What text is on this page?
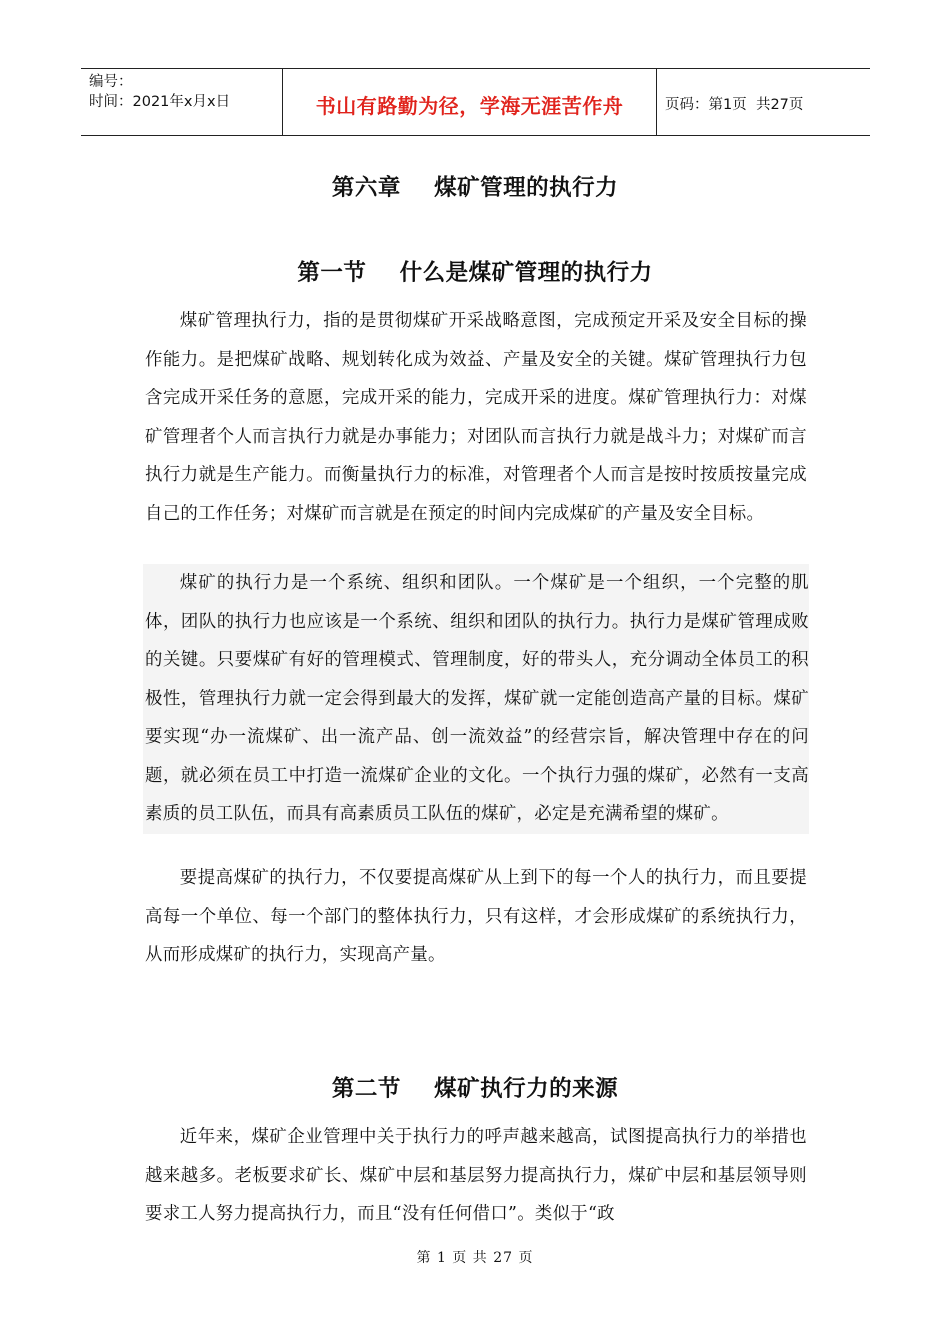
编号：
时间：2021年x月x日	书山有路勤为径，学海无涯苦作舟	页码：第1页  共27页
第六章    煤矿管理的执行力
第一节    什么是煤矿管理的执行力

煤矿管理执行力，指的是贯彻煤矿开采战略意图，完成预定开采及安全目标的操作能力。是把煤矿战略、规划转化成为效益、产量及安全的关键。煤矿管理执行力包含完成开采任务的意愿，完成开采的能力，完成开采的进度。煤矿管理执行力：对煤矿管理者个人而言执行力就是办事能力；对团队而言执行力就是战斗力；对煤矿而言执行力就是生产能力。而衡量执行力的标准，对管理者个人而言是按时按质按量完成自己的工作任务；对煤矿而言就是在预定的时间内完成煤矿的产量及安全目标。

煤矿的执行力是一个系统、组织和团队。一个煤矿是一个组织，一个完整的肌体，团队的执行力也应该是一个系统、组织和团队的执行力。执行力是煤矿管理成败的关键。只要煤矿有好的管理模式、管理制度，好的带头人，充分调动全体员工的积极性，管理执行力就一定会得到最大的发挥，煤矿就一定能创造高产量的目标。煤矿要实现“办一流煤矿、出一流产品、创一流效益”的经营宗旨，解决管理中存在的问题，就必须在员工中打造一流煤矿企业的文化。一个执行力强的煤矿，必然有一支高素质的员工队伍，而具有高素质员工队伍的煤矿，必定是充满希望的煤矿。

要提高煤矿的执行力，不仅要提高煤矿从上到下的每一个人的执行力，而且要提高每一个单位、每一个部门的整体执行力，只有这样，才会形成煤矿的系统执行力，从而形成煤矿的执行力，实现高产量。

第二节    煤矿执行力的来源

近年来，煤矿企业管理中关于执行力的呼声越来越高，试图提高执行力的举措也越来越多。老板要求矿长、煤矿中层和基层努力提高执行力，煤矿中层和基层领导则要求工人努力提高执行力，而且“没有任何借口”。类似于“政

第 1 页 共 27 页
